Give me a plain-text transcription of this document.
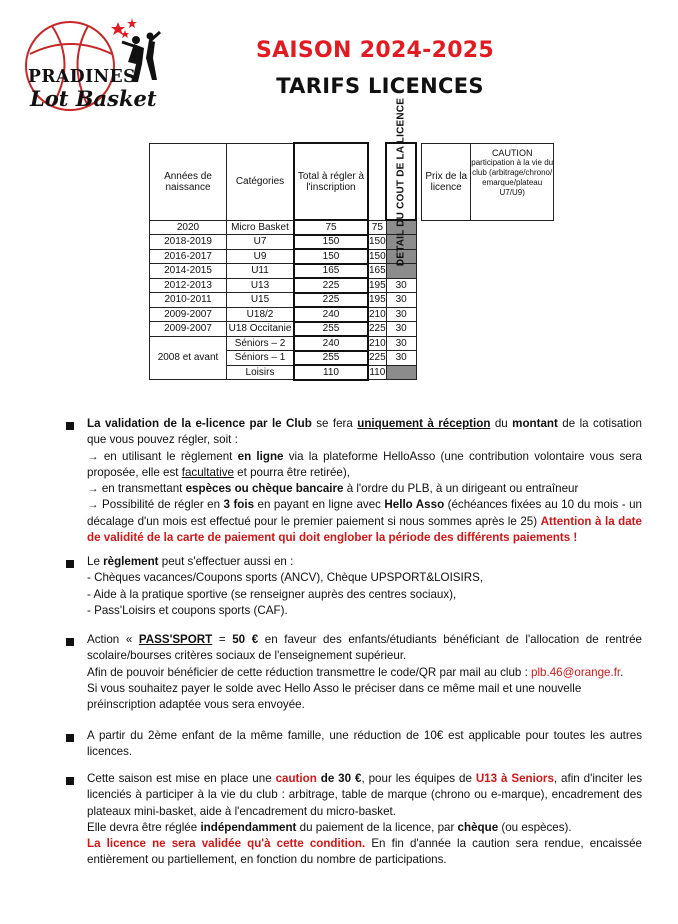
PRADINES
Lot Basket
SAISON 2024-2025
TARIFS LICENCES
Années de naissance	Catégories	Total à régler à l'inscription		DETAIL DU COUT DE LA LICENCE		Prix de la licence	CAUTION
participation à la vie du club (arbitrage/chrono/ emarque/plateau U7/U9)

2020	Micro Basket	75	75				
2018-2019	U7	150	150				
2016-2017	U9	150	150				
2014-2015	U11	165	165				
2012-2013	U13	225	195	30			
2010-2011	U15	225	195	30			
2009-2007	U18/2	240	210	30			
2009-2007	U18 Occitanie	255	225	30			
2008 et avant	Séniors – 2	240	210	30			
	Séniors – 1	255	225	30			
	Loisirs	110	110				
La validation de la e-licence par le Club se fera uniquement à réception du montant de la cotisation que vous pouvez régler, soit :
→ en utilisant le règlement en ligne via la plateforme HelloAsso (une contribution volontaire vous sera proposée, elle est facultative et pourra être retirée),
→ en transmettant espèces ou chèque bancaire à l'ordre du PLB, à un dirigeant ou entraîneur
→ Possibilité de régler en 3 fois en payant en ligne avec Hello Asso (échéances fixées au 10 du mois - un décalage d'un mois est effectué pour le premier paiement si nous sommes après le 25) Attention à la date de validité de la carte de paiement qui doit englober la période des différents paiements !
Le règlement peut s'effectuer aussi en :
- Chèques vacances/Coupons sports (ANCV), Chèque UPSPORT&LOISIRS,
- Aide à la pratique sportive (se renseigner auprès des centres sociaux),
- Pass'Loisirs et coupons sports (CAF).
Action « PASS'SPORT = 50 € en faveur des enfants/étudiants bénéficiant de l'allocation de rentrée scolaire/bourses critères sociaux de l'enseignement supérieur.
Afin de pouvoir bénéficier de cette réduction transmettre le code/QR par mail au club : plb.46@orange.fr.
Si vous souhaitez payer le solde avec Hello Asso le préciser dans ce même mail et une nouvelle préinscription adaptée vous sera envoyée.
A partir du 2ème enfant de la même famille, une réduction de 10€ est applicable pour toutes les autres licences.
Cette saison est mise en place une caution de 30 €, pour les équipes de U13 à Seniors, afin d'inciter les licenciés à participer à la vie du club : arbitrage, table de marque (chrono ou e-marque), encadrement des plateaux mini-basket, aide à l'encadrement du micro-basket.
Elle devra être réglée indépendamment du paiement de la licence, par chèque (ou espèces).
La licence ne sera validée qu'à cette condition. En fin d'année la caution sera rendue, encaissée entièrement ou partiellement, en fonction du nombre de participations.
